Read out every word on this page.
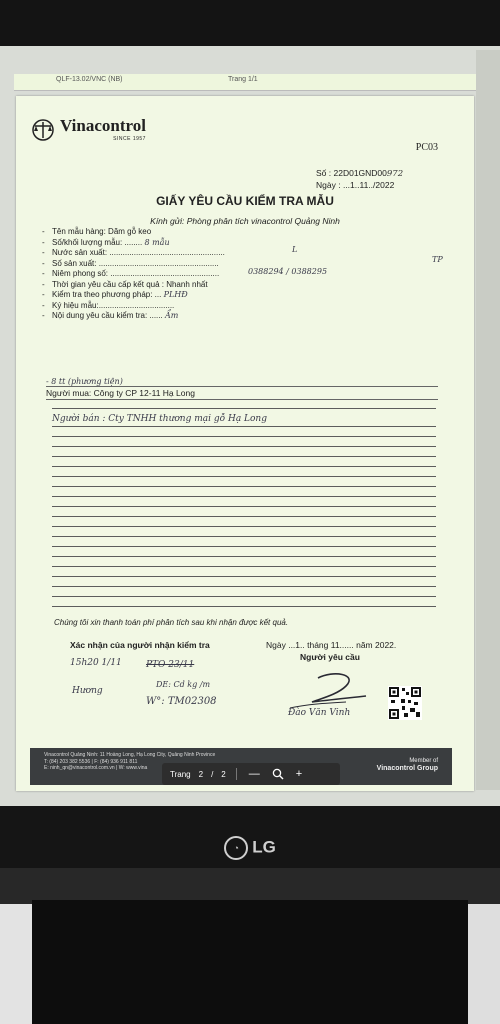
QLF-13.02/VNC (NB)	Trang 1/1
Vinacontrol
SINCE 1957
PC03
Số : 22D01GND00972
Ngày : ...1..11../2022
GIẤY YÊU CẦU KIỂM TRA MẪU
Kính gửi: Phòng phân tích vinacontrol Quảng Ninh
- Tên mẫu hàng: Dăm gỗ keo
- Số/khối lượng mẫu: ........ 8 mẫu
- Nước sản xuất: ....................................................	L
- Số sản xuất: ......................................................	TP
- Niêm phong số: .................................................	0388294 / 0388295
- Thời gian yêu cầu cấp kết quả : Nhanh nhất
- Kiểm tra theo phương pháp: ... PLHĐ
- Ký hiệu mẫu:..................................
- Nội dung yêu cầu kiểm tra: ...... Ẩm
- 8 tt (phương tiện)
Người mua: Công ty CP 12-11 Hạ Long
Người bán : Cty TNHH thương mại gỗ Hạ Long
Chúng tôi xin thanh toán phí phân tích sau khi nhận được kết quả.
Xác nhận của người nhận kiểm tra	Ngày ...1.. tháng 11...... năm 2022.
Người yêu cầu
15h20 1/11	PTO 23/11
Hương
DE: Cd kg /m
W°: TM02308
Đào Văn Vinh
Vinacontrol Quảng Ninh: 11 Hoàng Long, Hạ Long City, Quảng Ninh Province
T: (84) 203 382 5536 | F: (84) 936 911 811
E: ninh_qn@vinacontrol.com.vn | W: www.vina
Member of
Vinacontrol Group
Trang 2 / 2 —	+
◔ LG
